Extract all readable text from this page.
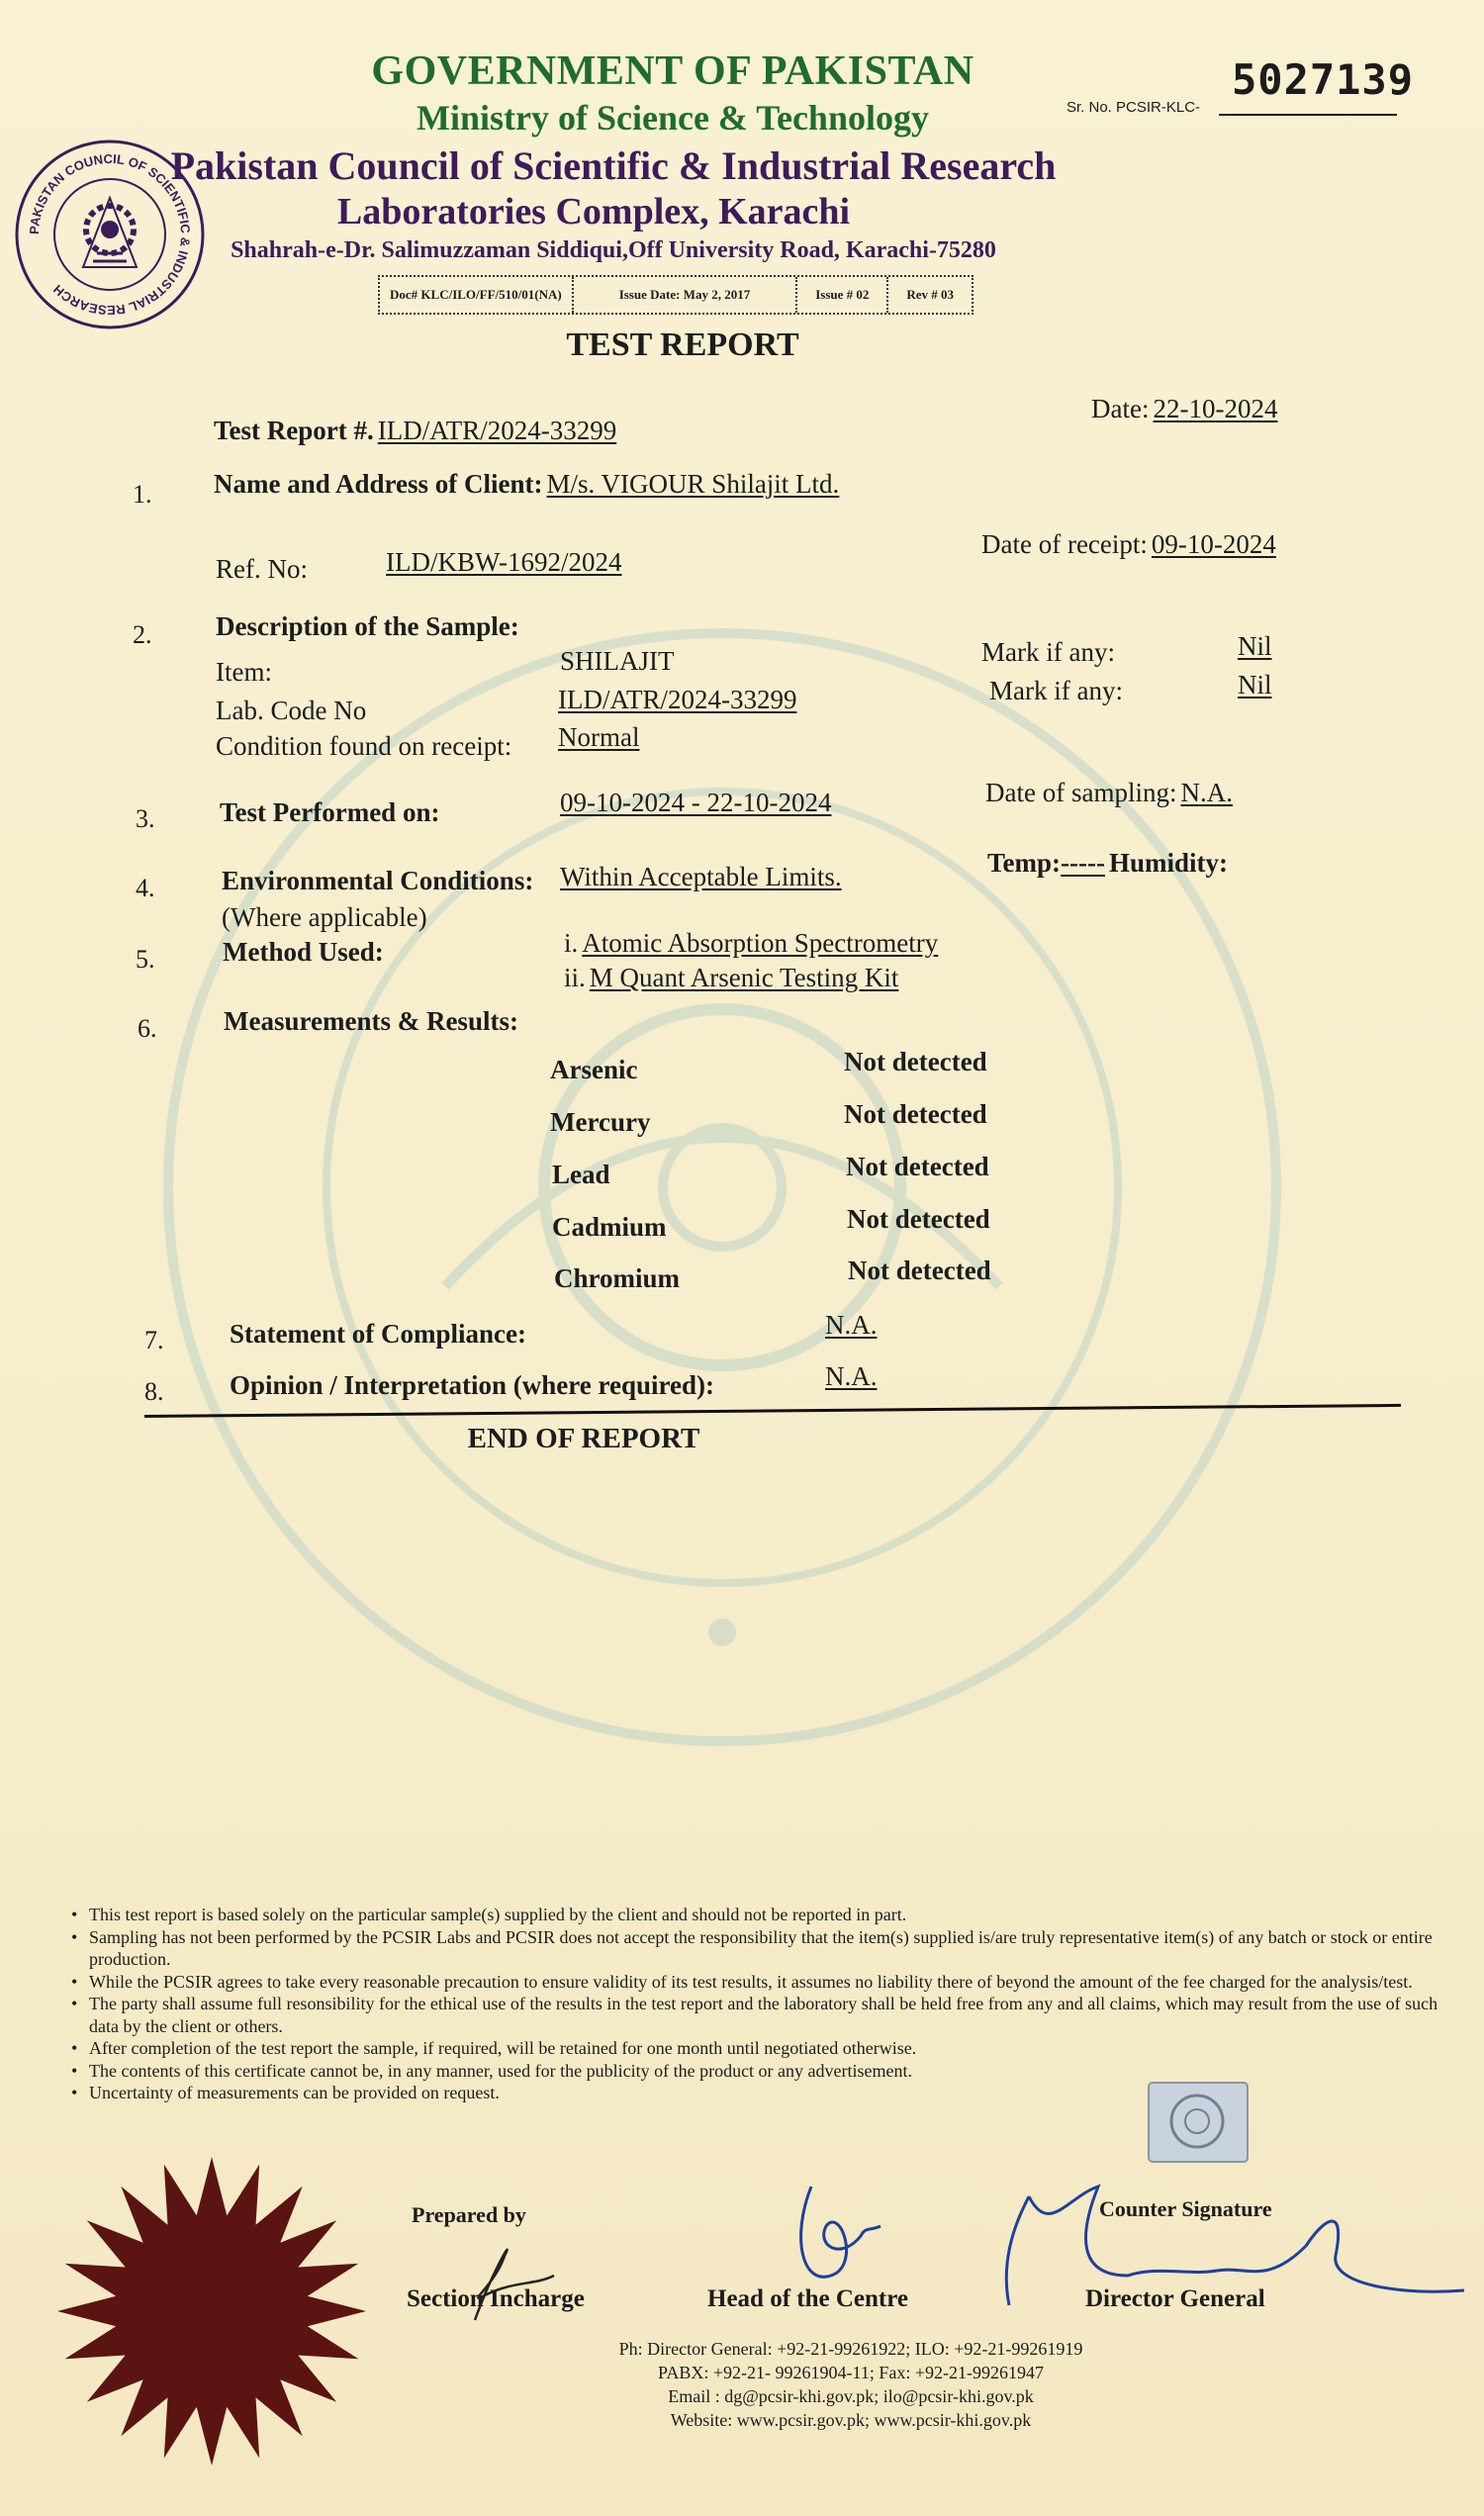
PAKISTAN COUNCIL OF SCIENTIFIC & INDUSTRIAL RESEARCH
GOVERNMENT OF PAKISTAN
Ministry of Science & Technology	Sr. No. PCSIR-KLC-
5027139
Pakistan Council of Scientific & Industrial Research
Laboratories Complex, Karachi
Shahrah-e-Dr. Salimuzzaman Siddiqui,Off University Road, Karachi-75280
Doc# KLC/ILO/FF/510/01(NA)	Issue Date: May 2, 2017	Issue # 02	Rev # 03
TEST REPORT
Test Report #. ILD/ATR/2024-33299
Date: 22-10-2024
1. Name and Address of Client: M/s. VIGOUR Shilajit Ltd.
Ref. No:	ILD/KBW-1692/2024
Date of receipt: 09-10-2024
2. Description of the Sample:
Item:	SHILAJIT
Lab. Code No	ILD/ATR/2024-33299
Condition found on receipt: Normal
Mark if any:	Nil
Mark if any:	Nil
3. Test Performed on:	09-10-2024 - 22-10-2024	Date of sampling: N.A.
4.	Environmental Conditions:
(Where applicable)
Within Acceptable Limits.	Temp:----- Humidity:
5.	Method Used:	i. Atomic Absorption Spectrometry
ii. M Quant Arsenic Testing Kit
6.	Measurements & Results:
Arsenic	Not detected
Mercury	Not detected
Lead	Not detected
Cadmium	Not detected
Chromium	Not detected
7. Statement of Compliance:	N.A.
8. Opinion / Interpretation (where required):	N.A.
END OF REPORT
• This test report is based solely on the particular sample(s) supplied by the client and should not be reported in part.
• Sampling has not been performed by the PCSIR Labs and PCSIR does not accept the responsibility that the item(s) supplied is/are truly representative item(s) of any batch or stock or entire production.
• While the PCSIR agrees to take every reasonable precaution to ensure validity of its test results, it assumes no liability there of beyond the amount of the fee charged for the analysis/test.
• The party shall assume full resonsibility for the ethical use of the results in the test report and the laboratory shall be held free from any and all claims, which may result from the use of such data by the client or others.
• After completion of the test report the sample, if required, will be retained for one month until negotiated otherwise.
• The contents of this certificate cannot be, in any manner, used for the publicity of the product or any advertisement.
• Uncertainty of measurements can be provided on request.
Prepared by
Section Incharge	Head of the Centre
Counter Signature
Director General
Ph: Director General: +92-21-99261922; ILO: +92-21-99261919
PABX: +92-21- 99261904-11; Fax: +92-21-99261947
Email : dg@pcsir-khi.gov.pk; ilo@pcsir-khi.gov.pk
Website: www.pcsir.gov.pk; www.pcsir-khi.gov.pk
